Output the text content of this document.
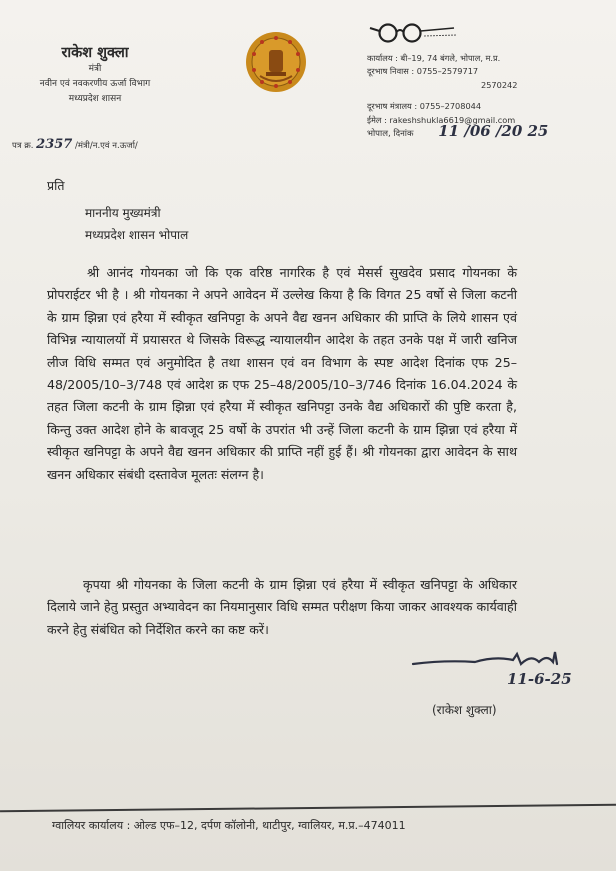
राकेश शुक्ला
मंत्री
नवीन एवं नवकरणीय ऊर्जा विभाग
मध्यप्रदेश शासन
कार्यालय : बी–19, 74 बंगले, भोपाल, म.प्र.
दूरभाष निवास : 0755–2579717
2570242
दूरभाष मंत्रालय : 0755–2708044
ईमेल : rakeshshukla6619@gmail.com
पत्र क्र. 2357 /मंत्री/न.एवं न.ऊर्जा/
भोपाल, दिनांक 11 /06 /20 25
प्रति
माननीय मुख्यमंत्री
मध्यप्रदेश शासन भोपाल
श्री आनंद गोयनका जो कि एक वरिष्ठ नागरिक है एवं मेसर्स सुखदेव प्रसाद गोयनका के प्रोपराईटर भी है । श्री गोयनका ने अपने आवेदन में उल्लेख किया है कि विगत 25 वर्षो से जिला कटनी के ग्राम झिन्ना एवं हरैया में स्वीकृत खनिपट्टा के अपने वैद्य खनन अधिकार की प्राप्ति के लिये शासन एवं विभिन्न न्यायालयों में प्रयासरत थे जिसके विरूद्ध न्यायालयीन आदेश के तहत उनके पक्ष में जारी खनिज लीज विधि सम्मत एवं अनुमोदित है तथा शासन एवं वन विभाग के स्पष्ट आदेश दिनांक एफ 25–48/2005/10–3/748 एवं आदेश क्र एफ 25–48/2005/10–3/746 दिनांक 16.04.2024 के तहत जिला कटनी के ग्राम झिन्ना एवं हरैया में स्वीकृत खनिपट्टा उनके वैद्य अधिकारों की पुष्टि करता है, किन्तु उक्त आदेश होने के बावजूद 25 वर्षो के उपरांत भी उन्हें जिला कटनी के ग्राम झिन्ना एवं हरैया में स्वीकृत खनिपट्टा के अपने वैद्य खनन अधिकार की प्राप्ति नहीं हुई हैं। श्री गोयनका द्वारा आवेदन के साथ खनन अधिकार संबंधी दस्तावेज मूलतः संलग्न है।
कृपया श्री गोयनका के जिला कटनी के ग्राम झिन्ना एवं हरैया में स्वीकृत खनिपट्टा के अधिकार दिलाये जाने हेतु प्रस्तुत अभ्यावेदन का नियमानुसार विधि सम्मत परीक्षण किया जाकर आवश्यक कार्यवाही करने हेतु संबंधित को निर्देशित करने का कष्ट करें।
11-6-25
(राकेश शुक्ला)
ग्वालियर कार्यालय : ओल्ड एफ–12, दर्पण कॉलोनी, थाटीपुर, ग्वालियर, म.प्र.–474011
